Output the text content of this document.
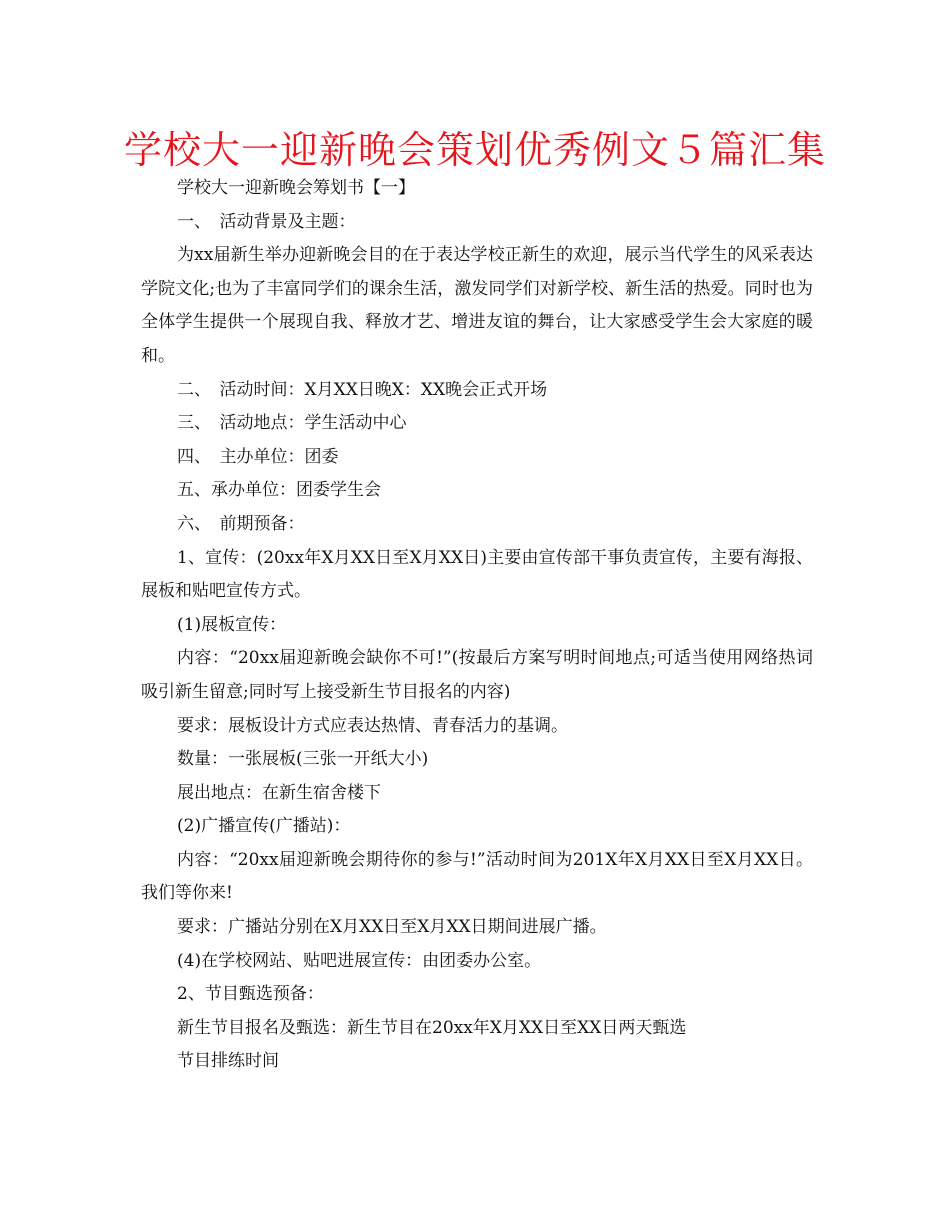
学校大一迎新晚会策划优秀例文５篇汇集

学校大一迎新晚会筹划书【一】

一、　活动背景及主题：

为xx届新生举办迎新晚会目的在于表达学校正新生的欢迎，展示当代学生的风采表达学院文化;也为了丰富同学们的课余生活，激发同学们对新学校、新生活的热爱。同时也为全体学生提供一个展现自我、释放才艺、增进友谊的舞台，让大家感受学生会大家庭的暖和。

二、　活动时间：X月XX日晚X：XX晚会正式开场

三、　活动地点：学生活动中心

四、　主办单位：团委

五、承办单位：团委学生会

六、　前期预备：

1、宣传：(20xx年X月XX日至X月XX日)主要由宣传部干事负责宣传，主要有海报、展板和贴吧宣传方式。

(1)展板宣传：

内容：“20xx届迎新晚会缺你不可!”(按最后方案写明时间地点;可适当使用网络热词吸引新生留意;同时写上接受新生节目报名的内容)

要求：展板设计方式应表达热情、青春活力的基调。

数量：一张展板(三张一开纸大小)

展出地点：在新生宿舍楼下

(2)广播宣传(广播站)：

内容：“20xx届迎新晚会期待你的参与!”活动时间为201X年X月XX日至X月XX日。我们等你来!

要求：广播站分别在X月XX日至X月XX日期间进展广播。

(4)在学校网站、贴吧进展宣传：由团委办公室。

2、节目甄选预备：

新生节目报名及甄选：新生节目在20xx年X月XX日至XX日两天甄选

节目排练时间
